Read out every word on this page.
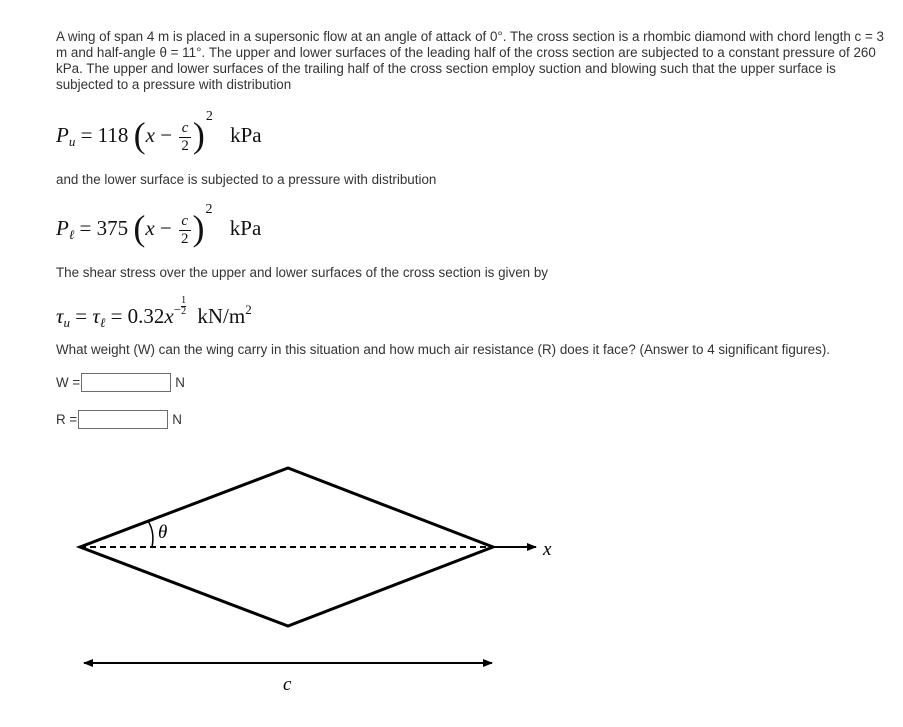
A wing of span 4 m is placed in a supersonic flow at an angle of attack of 0°. The cross section is a rhombic diamond with chord length c = 3 m and half-angle θ = 11°. The upper and lower surfaces of the leading half of the cross section are subjected to a constant pressure of 260 kPa. The upper and lower surfaces of the trailing half of the cross section employ suction and blowing such that the upper surface is subjected to a pressure with distribution

$P_u = 118$ $(x - \frac{c}{2} )^2$ kPa

and the lower surface is subjected to a pressure with distribution

$P_\ell = 375$ $(x - \frac{c}{2} )^2$ kPa

The shear stress over the upper and lower surfaces of the cross section is given by

$\tau_u = \tau_\ell = 0.32x^- \frac{1}{2} kN/m^2$

What weight (W) can the wing carry in this situation and how much air resistance (R) does it face? (Answer to 4 significant figures).

W =	N
R =	N
θ
x
c
